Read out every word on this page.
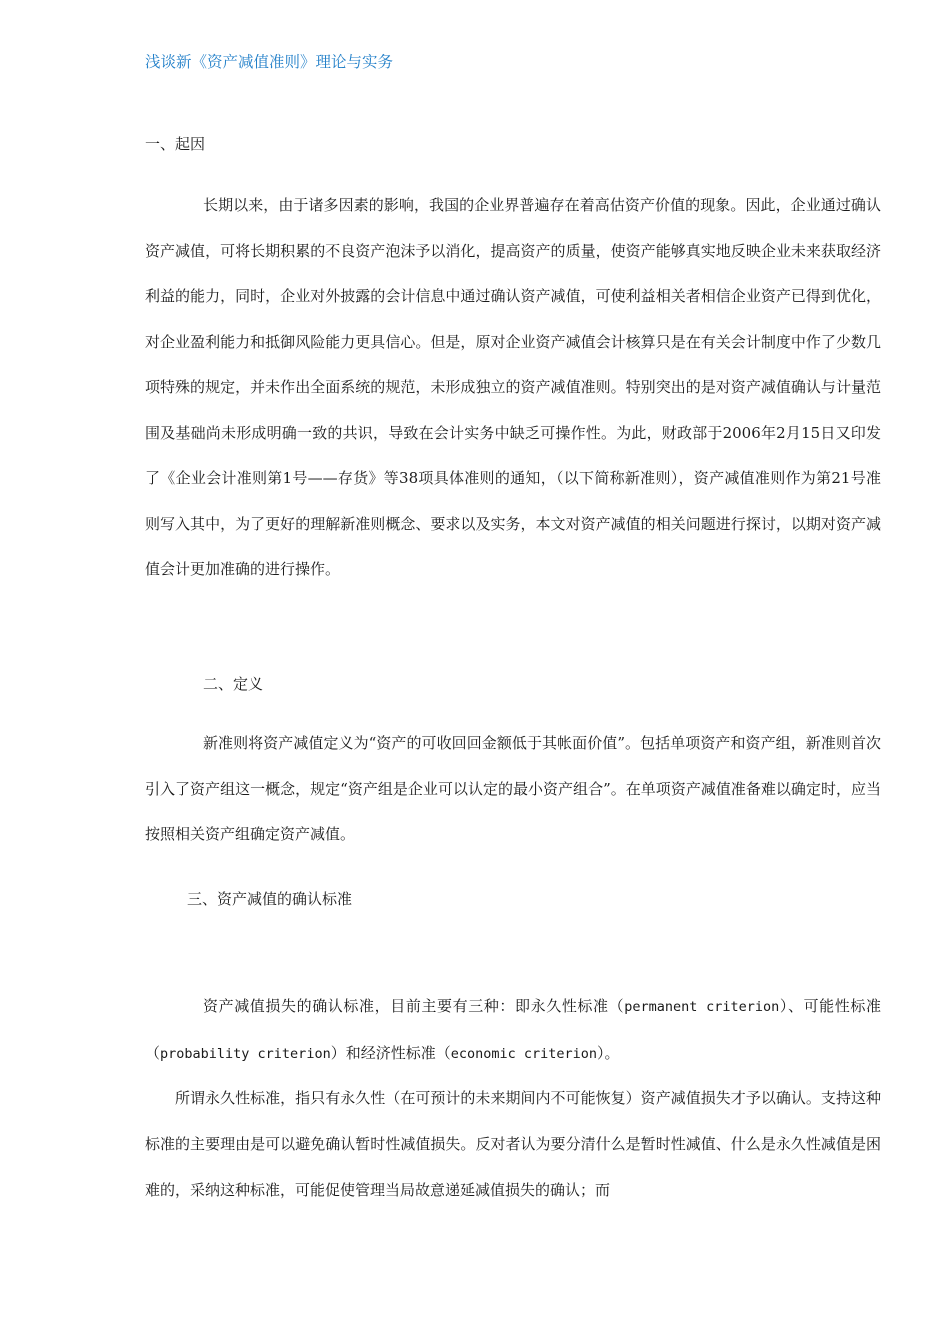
浅谈新《资产减值准则》理论与实务
一、起因
长期以来，由于诸多因素的影响，我国的企业界普遍存在着高估资产价值的现象。因此，企业通过确认资产减值，可将长期积累的不良资产泡沫予以消化，提高资产的质量，使资产能够真实地反映企业未来获取经济利益的能力，同时，企业对外披露的会计信息中通过确认资产减值，可使利益相关者相信企业资产已得到优化，对企业盈利能力和抵御风险能力更具信心。但是，原对企业资产减值会计核算只是在有关会计制度中作了少数几项特殊的规定，并未作出全面系统的规范，未形成独立的资产减值准则。特别突出的是对资产减值确认与计量范围及基础尚未形成明确一致的共识，导致在会计实务中缺乏可操作性。为此，财政部于2006年2月15日又印发了《企业会计准则第1号——存货》等38项具体准则的通知，（以下简称新准则），资产减值准则作为第21号准则写入其中，为了更好的理解新准则概念、要求以及实务，本文对资产减值的相关问题进行探讨，以期对资产减值会计更加准确的进行操作。
二、定义
新准则将资产减值定义为“资产的可收回回金额低于其帐面价值”。包括单项资产和资产组，新准则首次引入了资产组这一概念，规定“资产组是企业可以认定的最小资产组合”。在单项资产减值准备难以确定时，应当按照相关资产组确定资产减值。
三、资产减值的确认标准
资产减值损失的确认标准，目前主要有三种：即永久性标准（permanent criterion）、可能性标准（probability criterion）和经济性标准（economic criterion）。
所谓永久性标准，指只有永久性（在可预计的未来期间内不可能恢复）资产减值损失才予以确认。支持这种标准的主要理由是可以避免确认暂时性减值损失。反对者认为要分清什么是暂时性减值、什么是永久性减值是困难的，采纳这种标准，可能促使管理当局故意递延减值损失的确认；而
